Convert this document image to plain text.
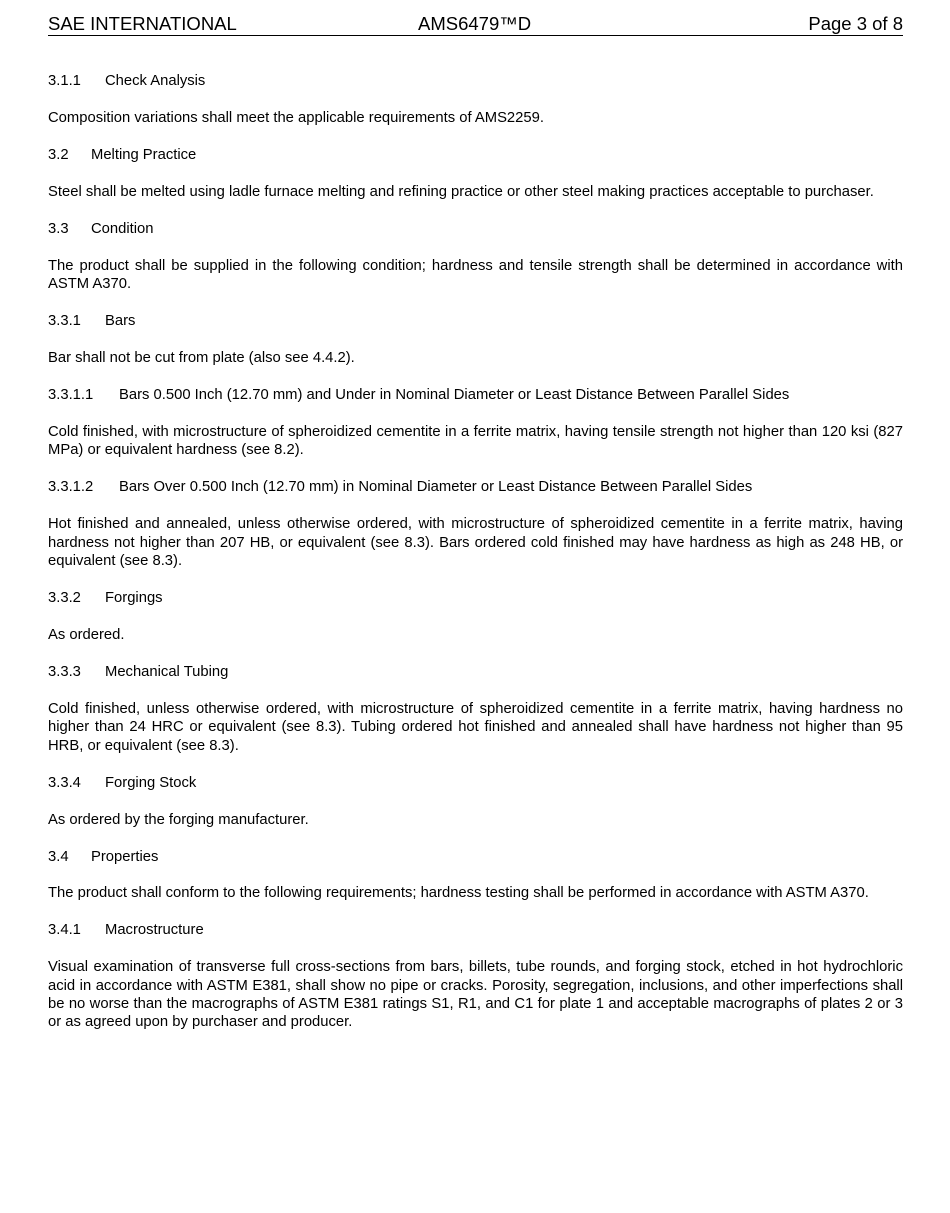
SAE INTERNATIONAL	AMS6479™D	Page 3 of 8
3.1.1 Check Analysis

Composition variations shall meet the applicable requirements of AMS2259.

3.2 Melting Practice

Steel shall be melted using ladle furnace melting and refining practice or other steel making practices acceptable to purchaser.

3.3 Condition

The product shall be supplied in the following condition; hardness and tensile strength shall be determined in accordance with ASTM A370.

3.3.1 Bars

Bar shall not be cut from plate (also see 4.4.2).

3.3.1.1 Bars 0.500 Inch (12.70 mm) and Under in Nominal Diameter or Least Distance Between Parallel Sides

Cold finished, with microstructure of spheroidized cementite in a ferrite matrix, having tensile strength not higher than 120 ksi (827 MPa) or equivalent hardness (see 8.2).

3.3.1.2 Bars Over 0.500 Inch (12.70 mm) in Nominal Diameter or Least Distance Between Parallel Sides

Hot finished and annealed, unless otherwise ordered, with microstructure of spheroidized cementite in a ferrite matrix, having hardness not higher than 207 HB, or equivalent (see 8.3). Bars ordered cold finished may have hardness as high as 248 HB, or equivalent (see 8.3).

3.3.2 Forgings

As ordered.

3.3.3 Mechanical Tubing

Cold finished, unless otherwise ordered, with microstructure of spheroidized cementite in a ferrite matrix, having hardness no higher than 24 HRC or equivalent (see 8.3). Tubing ordered hot finished and annealed shall have hardness not higher than 95 HRB, or equivalent (see 8.3).

3.3.4 Forging Stock

As ordered by the forging manufacturer.

3.4 Properties

The product shall conform to the following requirements; hardness testing shall be performed in accordance with ASTM A370.

3.4.1 Macrostructure

Visual examination of transverse full cross-sections from bars, billets, tube rounds, and forging stock, etched in hot hydrochloric acid in accordance with ASTM E381, shall show no pipe or cracks. Porosity, segregation, inclusions, and other imperfections shall be no worse than the macrographs of ASTM E381 ratings S1, R1, and C1 for plate 1 and acceptable macrographs of plates 2 or 3 or as agreed upon by purchaser and producer.
